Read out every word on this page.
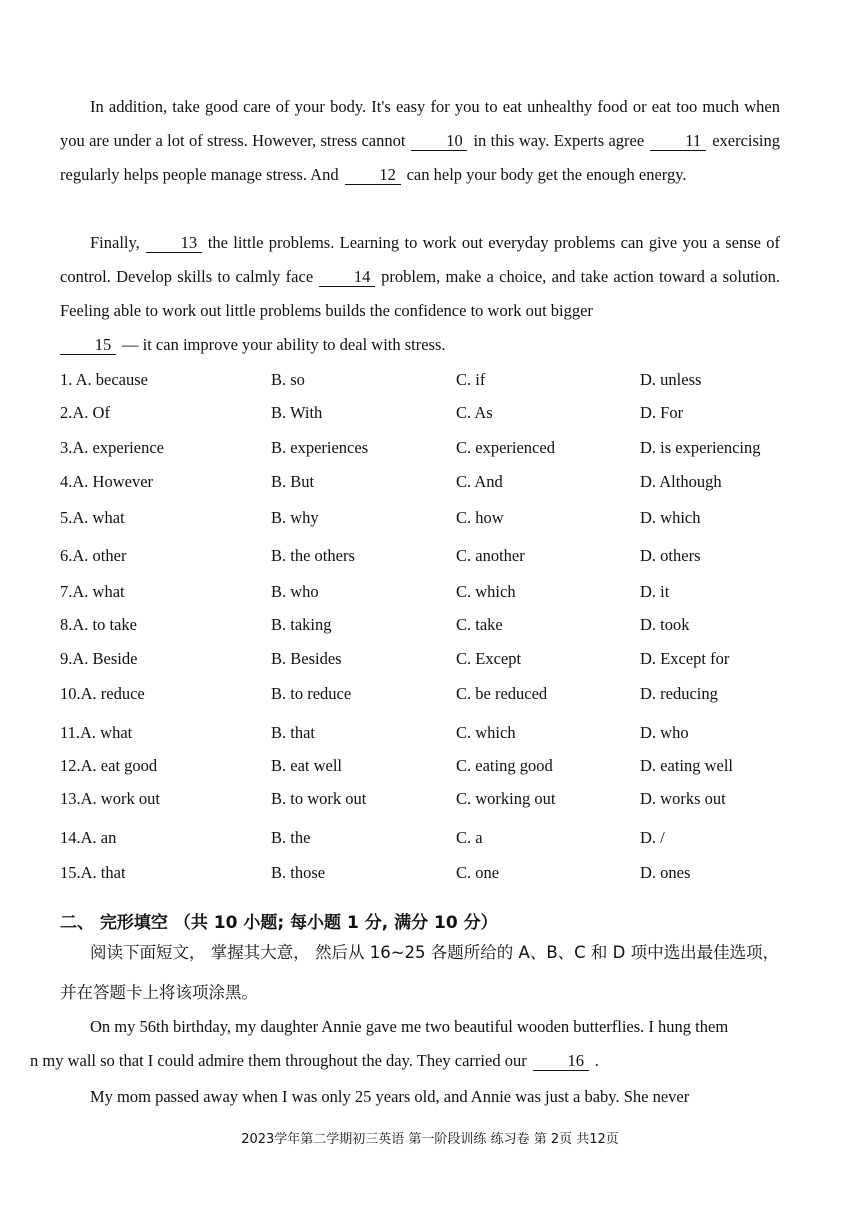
In addition, take good care of your body. It's easy for you to eat unhealthy food or eat too much when you are under a lot of stress. However, stress cannot 10 in this way. Experts agree 11 exercising regularly helps people manage stress. And 12 can help your body get the enough energy.
Finally, 13 the little problems. Learning to work out everyday problems can give you a sense of control. Develop skills to calmly face 14 problem, make a choice, and take action toward a solution. Feeling able to work out little problems builds the confidence to work out bigger
15 — it can improve your ability to deal with stress.
1. A. because	B. so	C. if	D. unless
2.A. Of	B. With	C. As	D. For
3.A. experience	B. experiences	C. experienced	D. is experiencing
4.A. However	B. But	C. And	D. Although
5.A. what	B. why	C. how	D. which
6.A. other	B. the others	C. another	D. others
7.A. what	B. who	C. which	D. it
8.A. to take	B. taking	C. take	D. took
9.A. Beside	B. Besides	C. Except	D. Except for
10.A. reduce	B. to reduce	C. be reduced	D. reducing
11.A. what	B. that	C. which	D. who
12.A. eat good	B. eat well	C. eating good	D. eating well
13.A. work out	B. to work out	C. working out	D. works out
14.A. an	B. the	C. a	D. /
15.A. that	B. those	C. one	D. ones
二、 完形填空 （共 10 小题; 每小题 1 分, 满分 10 分）
阅读下面短文， 掌握其大意， 然后从 16~25 各题所给的 A、B、C 和 D 项中选出最佳选项，
并在答题卡上将该项涂黑。
On my 56th birthday, my daughter Annie gave me two beautiful wooden butterflies. I hung them
n my wall so that I could admire them throughout the day. They carried our 16 .
My mom passed away when I was only 25 years old, and Annie was just a baby. She never
2023学年第二学期初三英语 第一阶段训练 练习卷 第 2页 共12页
